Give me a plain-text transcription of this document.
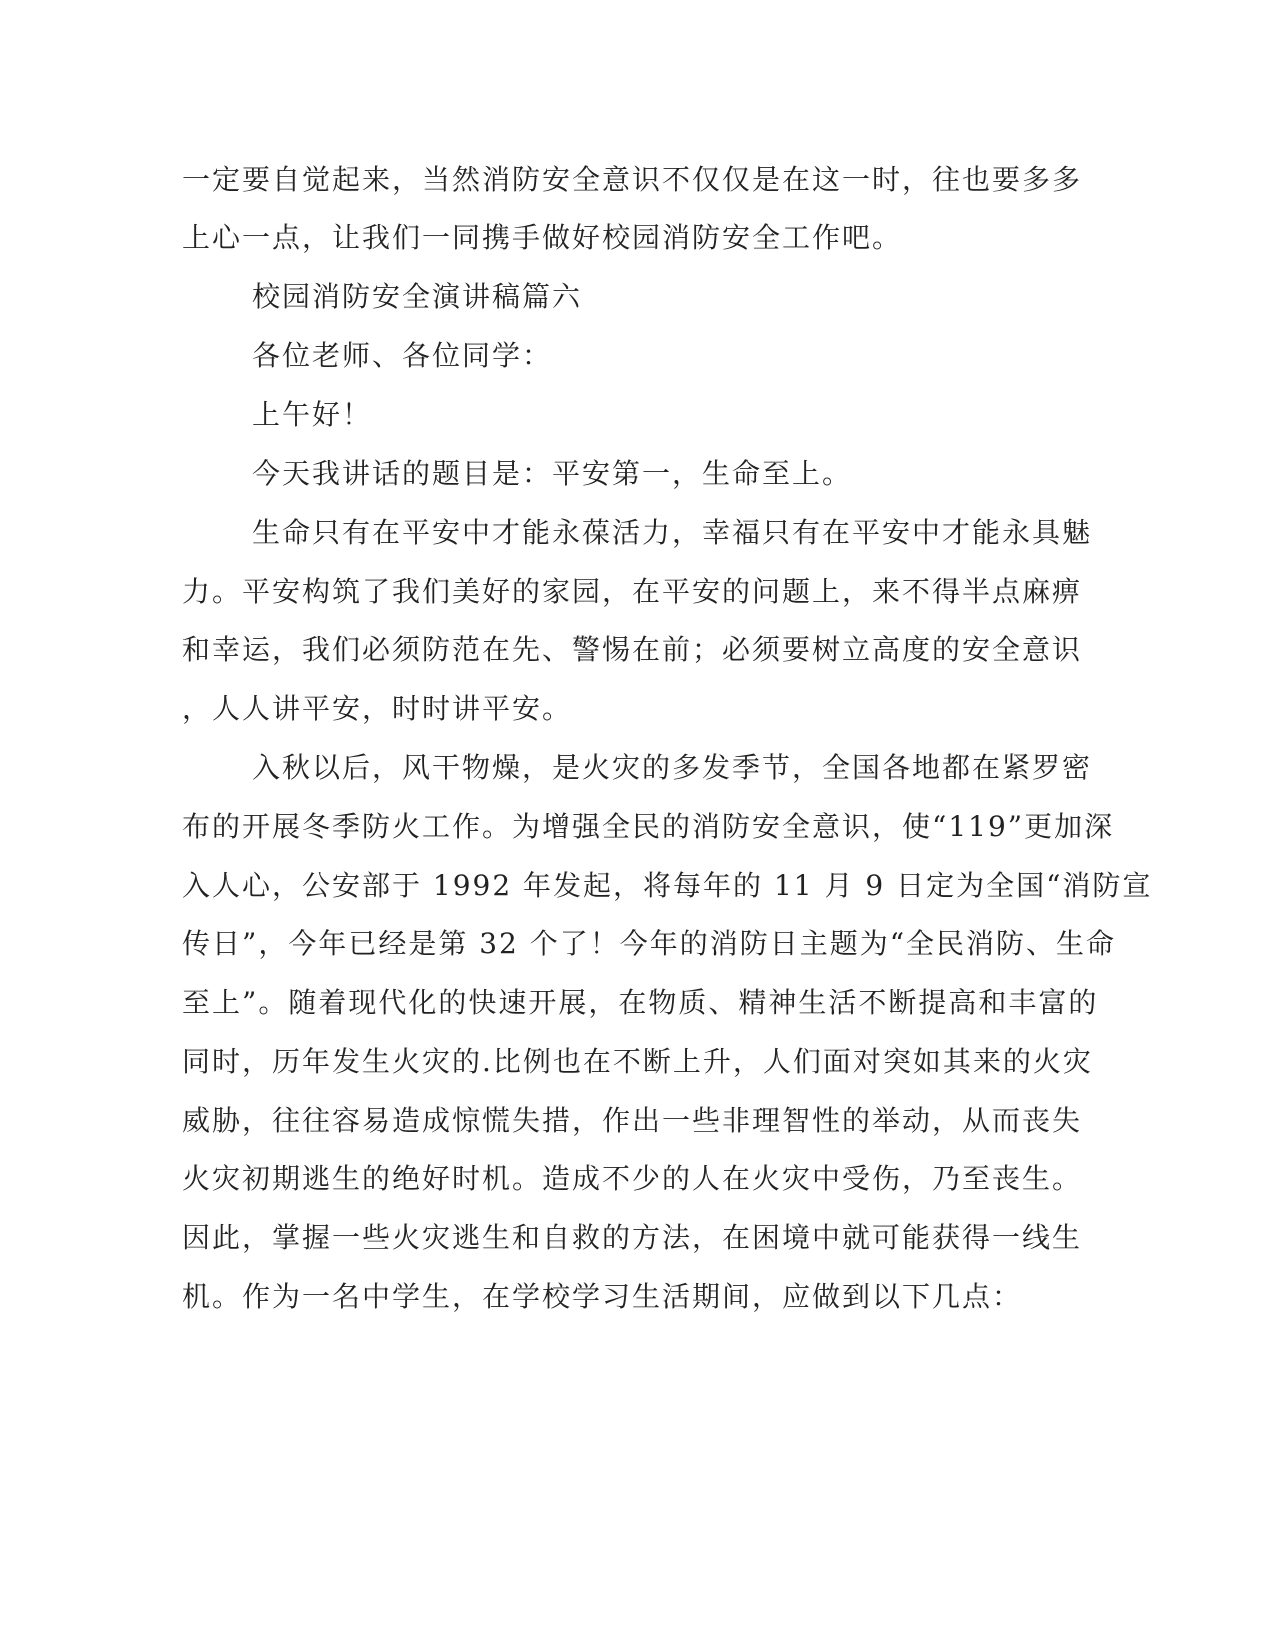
一定要自觉起来，当然消防安全意识不仅仅是在这一时，往也要多多
上心一点，让我们一同携手做好校园消防安全工作吧。
校园消防安全演讲稿篇六
各位老师、各位同学：
上午好！
今天我讲话的题目是：平安第一，生命至上。
生命只有在平安中才能永葆活力，幸福只有在平安中才能永具魅
力。平安构筑了我们美好的家园，在平安的问题上，来不得半点麻痹
和幸运，我们必须防范在先、警惕在前；必须要树立高度的安全意识
，人人讲平安，时时讲平安。
入秋以后，风干物燥，是火灾的多发季节，全国各地都在紧罗密
布的开展冬季防火工作。为增强全民的消防安全意识，使“119”更加深
入人心，公安部于 1992 年发起，将每年的 11 月 9 日定为全国“消防宣
传日”，今年已经是第 32 个了！今年的消防日主题为“全民消防、生命
至上”。随着现代化的快速开展，在物质、精神生活不断提高和丰富的
同时，历年发生火灾的.比例也在不断上升，人们面对突如其来的火灾
威胁，往往容易造成惊慌失措，作出一些非理智性的举动，从而丧失
火灾初期逃生的绝好时机。造成不少的人在火灾中受伤，乃至丧生。
因此，掌握一些火灾逃生和自救的方法，在困境中就可能获得一线生
机。作为一名中学生，在学校学习生活期间，应做到以下几点：
